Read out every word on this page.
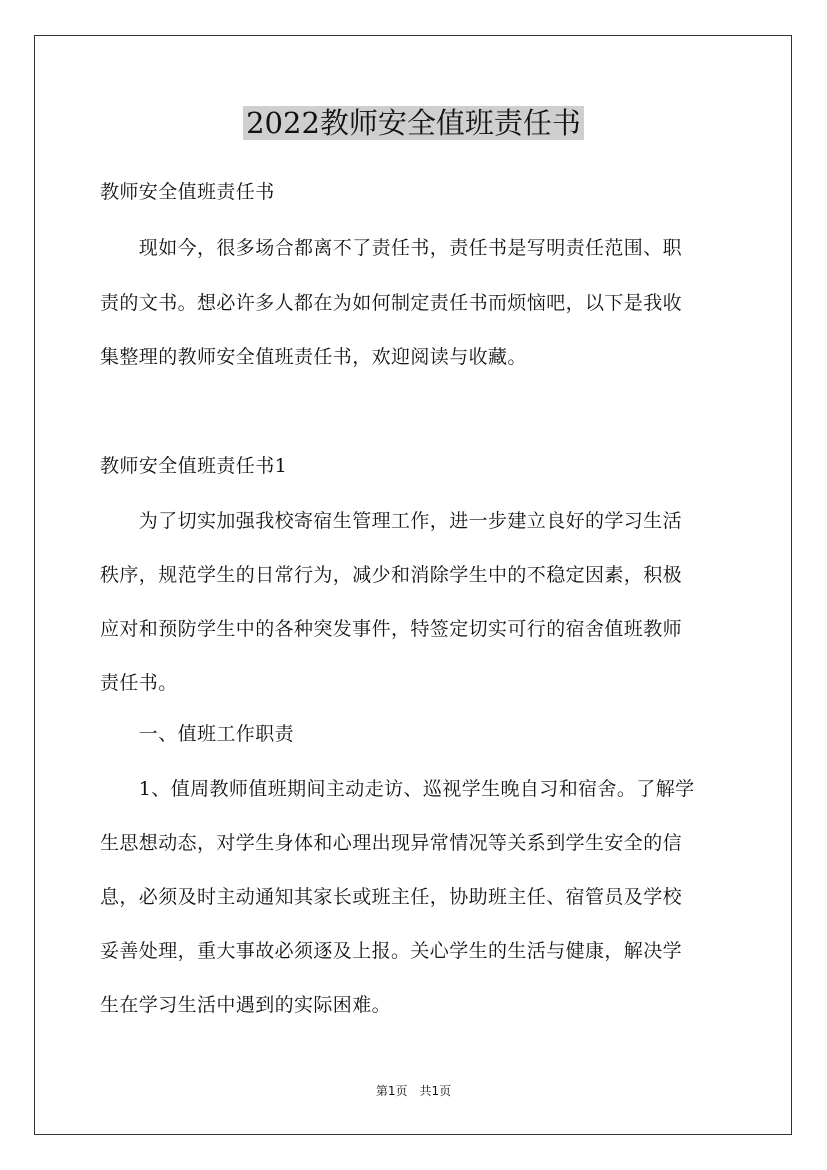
2022教师安全值班责任书
教师安全值班责任书
　　现如今，很多场合都离不了责任书，责任书是写明责任范围、职
责的文书。想必许多人都在为如何制定责任书而烦恼吧，以下是我收
集整理的教师安全值班责任书，欢迎阅读与收藏。
教师安全值班责任书1
　　为了切实加强我校寄宿生管理工作，进一步建立良好的学习生活
秩序，规范学生的日常行为，减少和消除学生中的不稳定因素，积极
应对和预防学生中的各种突发事件，特签定切实可行的宿舍值班教师
责任书。
　　一、值班工作职责
　　1、值周教师值班期间主动走访、巡视学生晚自习和宿舍。了解学
生思想动态，对学生身体和心理出现异常情况等关系到学生安全的信
息，必须及时主动通知其家长或班主任，协助班主任、宿管员及学校
妥善处理，重大事故必须逐及上报。关心学生的生活与健康，解决学
生在学习生活中遇到的实际困难。
第1页 共1页
